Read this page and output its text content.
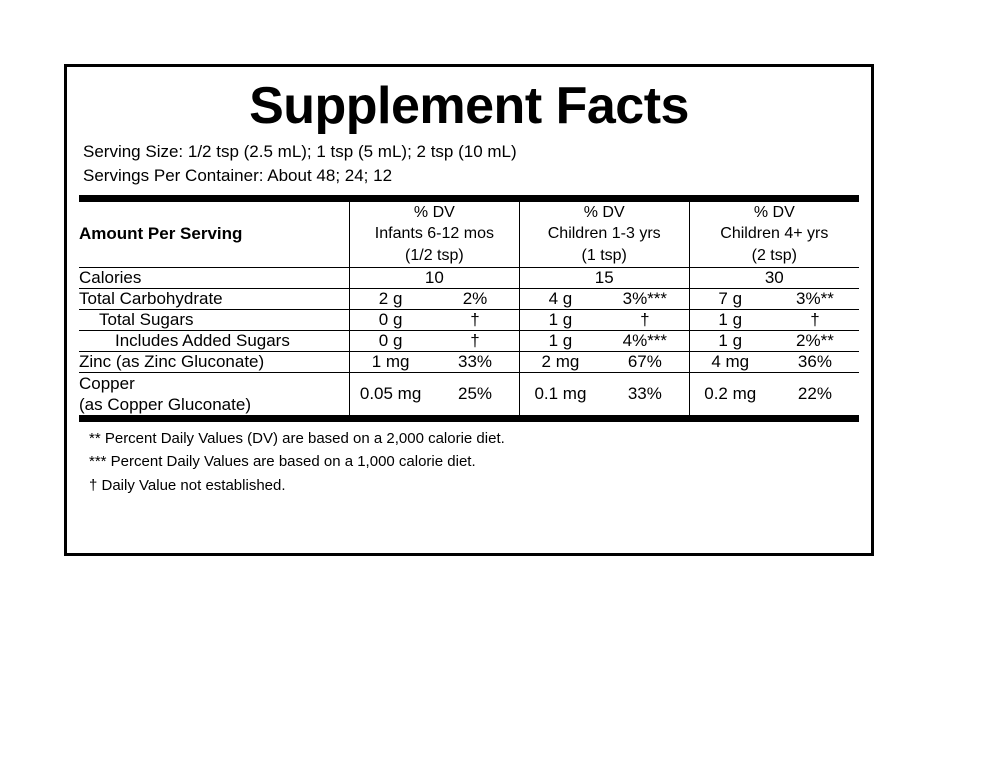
Supplement Facts
Serving Size: 1/2 tsp (2.5 mL); 1 tsp (5 mL); 2 tsp (10 mL)
Servings Per Container: About 48; 24; 12
Amount Per Serving	
% DV
Infants 6-12 mos
(1/2 tsp)

% DV
Children 1-3 yrs
(1 tsp)

% DV
Children 4+ yrs
(2 tsp)

Calories	10		15		30	
Total Carbohydrate	2 g	2%	4 g	3%***	7 g	3%**
Total Sugars	0 g	†	1 g	†	1 g	†
Includes Added Sugars	0 g	†	1 g	4%***	1 g	2%**
Zinc (as Zinc Gluconate)	1 mg	33%	2 mg	67%	4 mg	36%

Copper
(as Copper Gluconate)	0.05 mg	25%	0.1 mg	33%	0.2 mg	22%
** Percent Daily Values (DV) are based on a 2,000 calorie diet.
*** Percent Daily Values are based on a 1,000 calorie diet.
† Daily Value not established.
